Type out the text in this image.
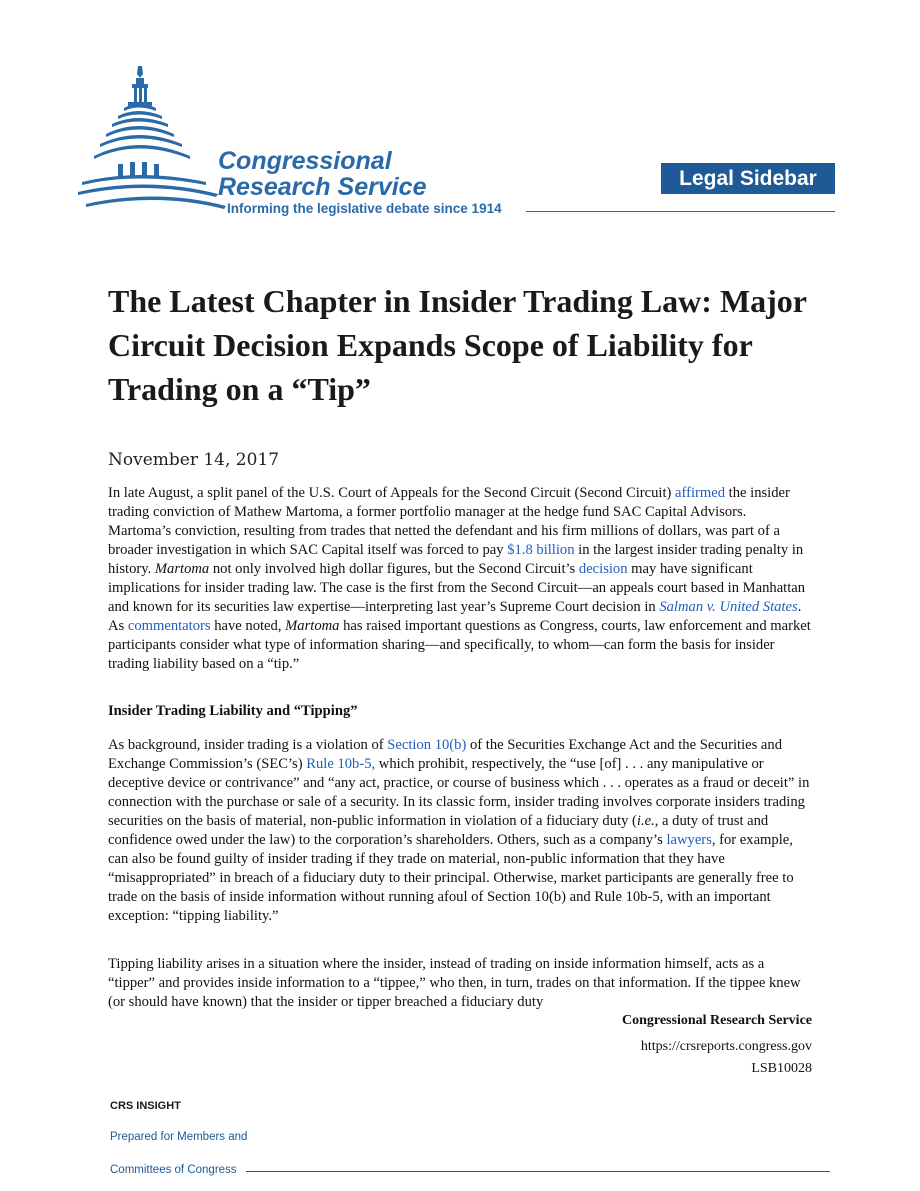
Congressional
Research Service
Informing the legislative debate since 1914
Legal Sidebar
The Latest Chapter in Insider Trading Law: Major Circuit Decision Expands Scope of Liability for Trading on a “Tip”
November 14, 2017

In late August, a split panel of the U.S. Court of Appeals for the Second Circuit (Second Circuit) affirmed the insider trading conviction of Mathew Martoma, a former portfolio manager at the hedge fund SAC Capital Advisors. Martoma’s conviction, resulting from trades that netted the defendant and his firm millions of dollars, was part of a broader investigation in which SAC Capital itself was forced to pay $1.8 billion in the largest insider trading penalty in history. Martoma not only involved high dollar figures, but the Second Circuit’s decision may have significant implications for insider trading law. The case is the first from the Second Circuit—an appeals court based in Manhattan and known for its securities law expertise—interpreting last year’s Supreme Court decision in Salman v. United States. As commentators have noted, Martoma has raised important questions as Congress, courts, law enforcement and market participants consider what type of information sharing—and specifically, to whom—can form the basis for insider trading liability based on a “tip.”

Insider Trading Liability and “Tipping”

As background, insider trading is a violation of Section 10(b) of the Securities Exchange Act and the Securities and Exchange Commission’s (SEC’s) Rule 10b-5, which prohibit, respectively, the “use [of] . . . any manipulative or deceptive device or contrivance” and “any act, practice, or course of business which . . . operates as a fraud or deceit” in connection with the purchase or sale of a security. In its classic form, insider trading involves corporate insiders trading securities on the basis of material, non-public information in violation of a fiduciary duty (i.e., a duty of trust and confidence owed under the law) to the corporation’s shareholders. Others, such as a company’s lawyers, for example, can also be found guilty of insider trading if they trade on material, non-public information that they have “misappropriated” in breach of a fiduciary duty to their principal. Otherwise, market participants are generally free to trade on the basis of inside information without running afoul of Section 10(b) and Rule 10b-5, with an important exception: “tipping liability.”

Tipping liability arises in a situation where the insider, instead of trading on inside information himself, acts as a “tipper” and provides inside information to a “tippee,” who then, in turn, trades on that information. If the tippee knew (or should have known) that the insider or tipper breached a fiduciary duty

Congressional Research Service
https://crsreports.congress.gov
LSB10028
CRS INSIGHT
Prepared for Members and
Committees of Congress
